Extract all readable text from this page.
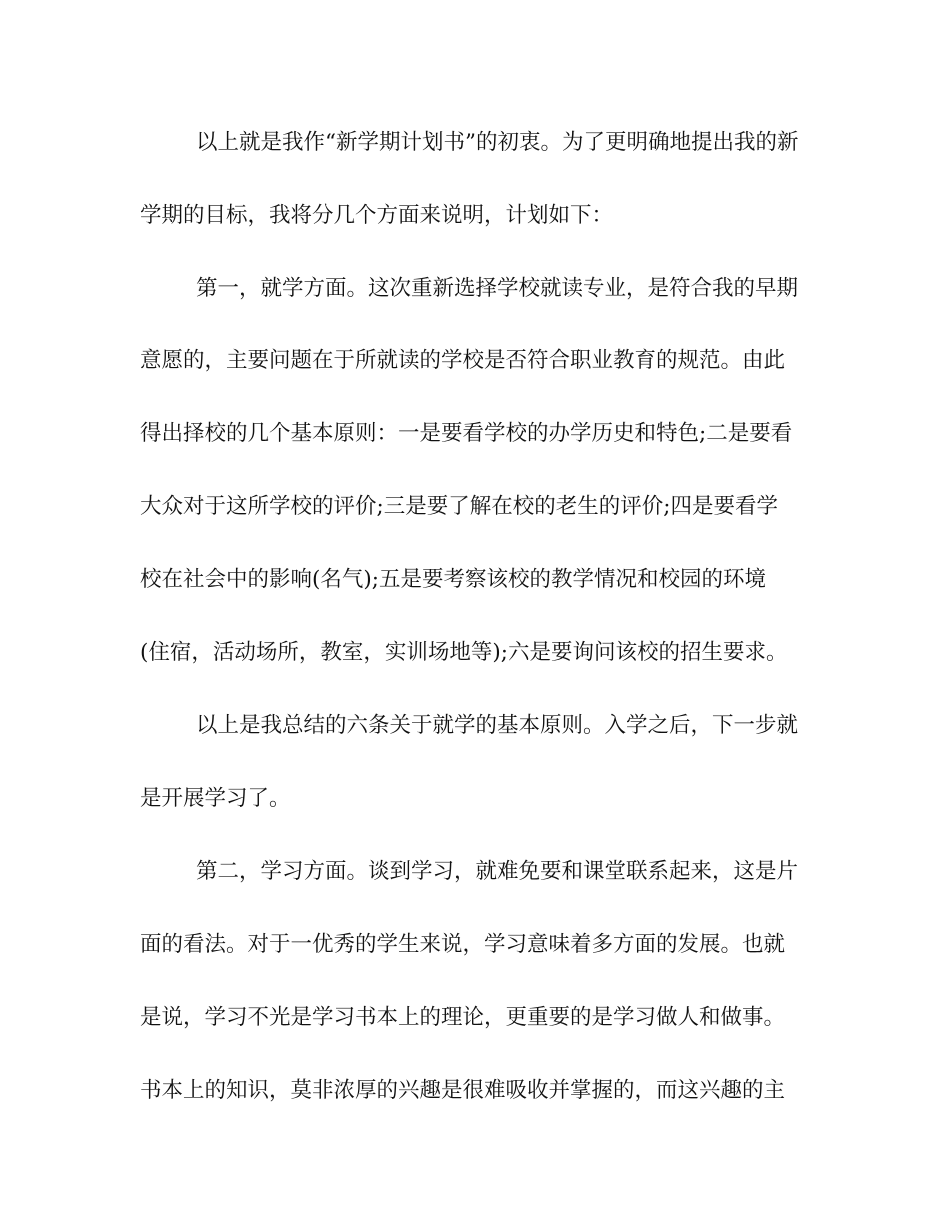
以上就是我作“新学期计划书”的初衷。为了更明确地提出我的新
学期的目标，我将分几个方面来说明，计划如下：
第一，就学方面。这次重新选择学校就读专业，是符合我的早期
意愿的，主要问题在于所就读的学校是否符合职业教育的规范。由此
得出择校的几个基本原则：一是要看学校的办学历史和特色;二是要看
大众对于这所学校的评价;三是要了解在校的老生的评价;四是要看学
校在社会中的影响(名气);五是要考察该校的教学情况和校园的环境
(住宿，活动场所，教室，实训场地等);六是要询问该校的招生要求。
以上是我总结的六条关于就学的基本原则。入学之后，下一步就
是开展学习了。
第二，学习方面。谈到学习，就难免要和课堂联系起来，这是片
面的看法。对于一优秀的学生来说，学习意味着多方面的发展。也就
是说，学习不光是学习书本上的理论，更重要的是学习做人和做事。
书本上的知识，莫非浓厚的兴趣是很难吸收并掌握的，而这兴趣的主
